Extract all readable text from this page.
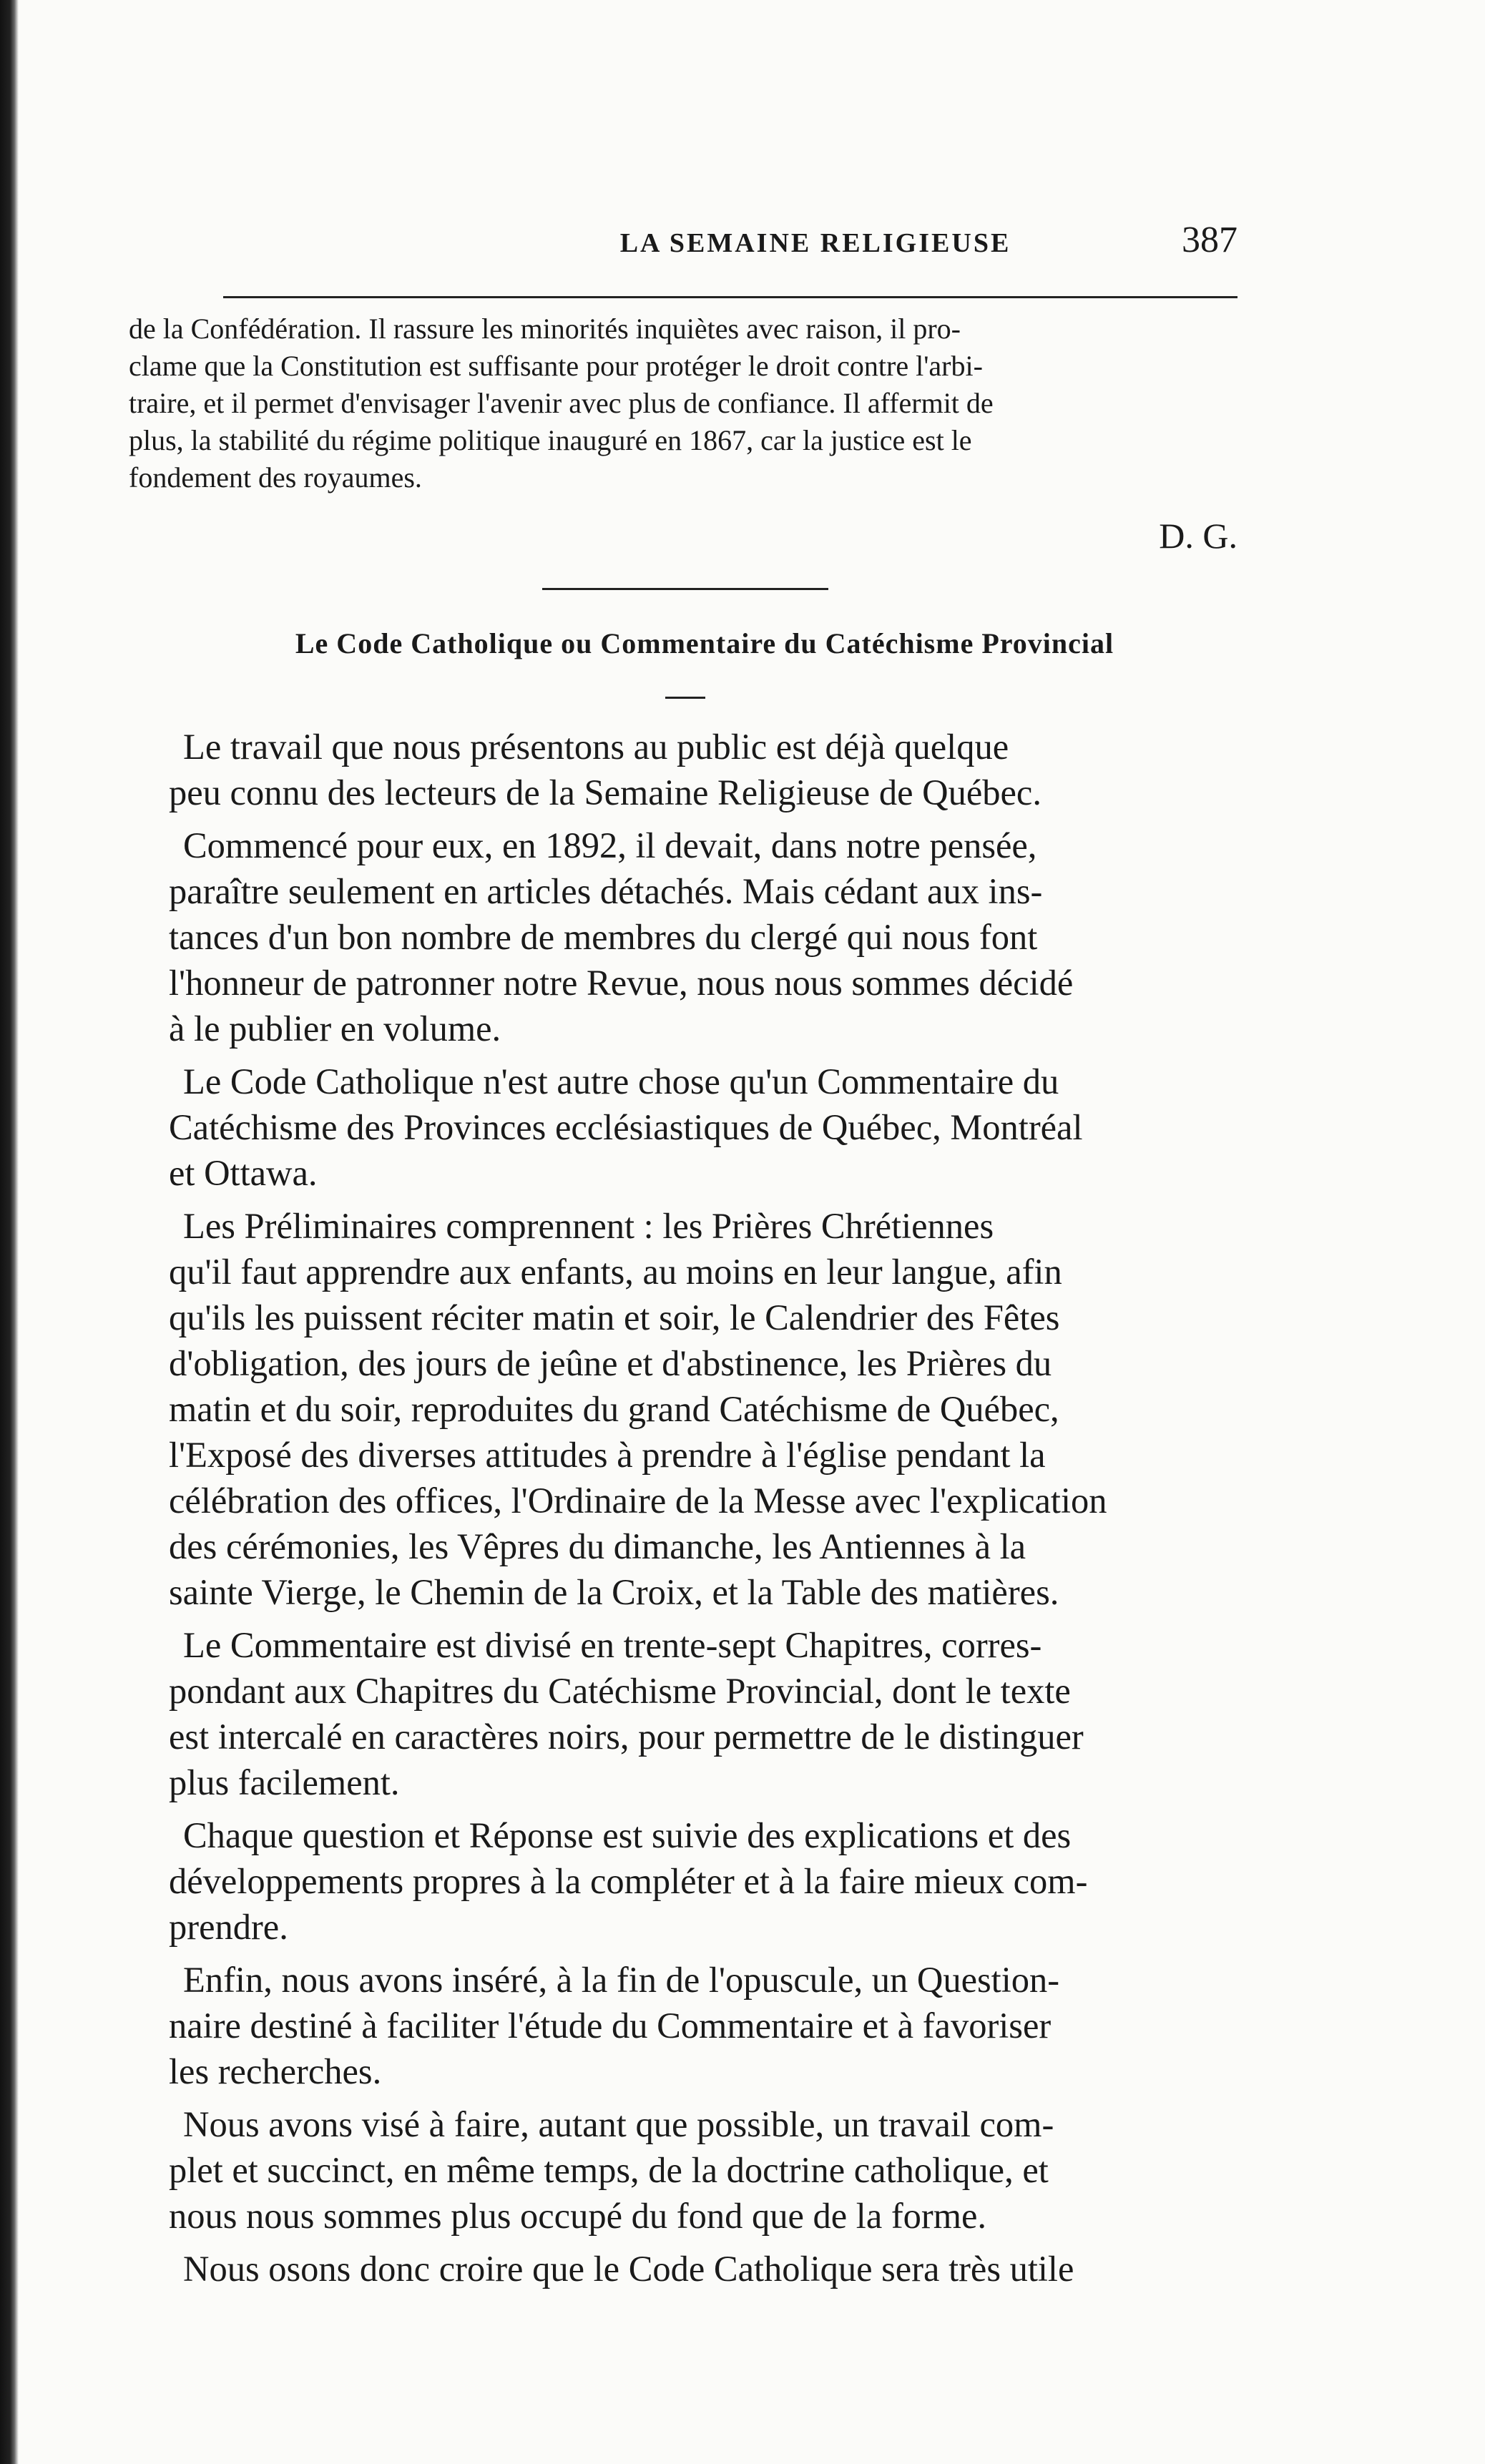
LA SEMAINE RELIGIEUSE	387
de la Confédération. Il rassure les minorités inquiètes avec raison, il pro-
clame que la Constitution est suffisante pour protéger le droit contre l'arbi-
traire, et il permet d'envisager l'avenir avec plus de confiance. Il affermit de
plus, la stabilité du régime politique inauguré en 1867, car la justice est le
fondement des royaumes.
D. G.
Le Code Catholique ou Commentaire du Catéchisme Provincial
Le travail que nous présentons au public est déjà quelque
peu connu des lecteurs de la Semaine Religieuse de Québec.
Commencé pour eux, en 1892, il devait, dans notre pensée,
paraître seulement en articles détachés. Mais cédant aux ins-
tances d'un bon nombre de membres du clergé qui nous font
l'honneur de patronner notre Revue, nous nous sommes décidé
à le publier en volume.
Le Code Catholique n'est autre chose qu'un Commentaire du
Catéchisme des Provinces ecclésiastiques de Québec, Montréal
et Ottawa.
Les Préliminaires comprennent : les Prières Chrétiennes
qu'il faut apprendre aux enfants, au moins en leur langue, afin
qu'ils les puissent réciter matin et soir, le Calendrier des Fêtes
d'obligation, des jours de jeûne et d'abstinence, les Prières du
matin et du soir, reproduites du grand Catéchisme de Québec,
l'Exposé des diverses attitudes à prendre à l'église pendant la
célébration des offices, l'Ordinaire de la Messe avec l'explication
des cérémonies, les Vêpres du dimanche, les Antiennes à la
sainte Vierge, le Chemin de la Croix, et la Table des matières.
Le Commentaire est divisé en trente-sept Chapitres, corres-
pondant aux Chapitres du Catéchisme Provincial, dont le texte
est intercalé en caractères noirs, pour permettre de le distinguer
plus facilement.
Chaque question et Réponse est suivie des explications et des
développements propres à la compléter et à la faire mieux com-
prendre.
Enfin, nous avons inséré, à la fin de l'opuscule, un Question-
naire destiné à faciliter l'étude du Commentaire et à favoriser
les recherches.
Nous avons visé à faire, autant que possible, un travail com-
plet et succinct, en même temps, de la doctrine catholique, et
nous nous sommes plus occupé du fond que de la forme.
Nous osons donc croire que le Code Catholique sera très utile
